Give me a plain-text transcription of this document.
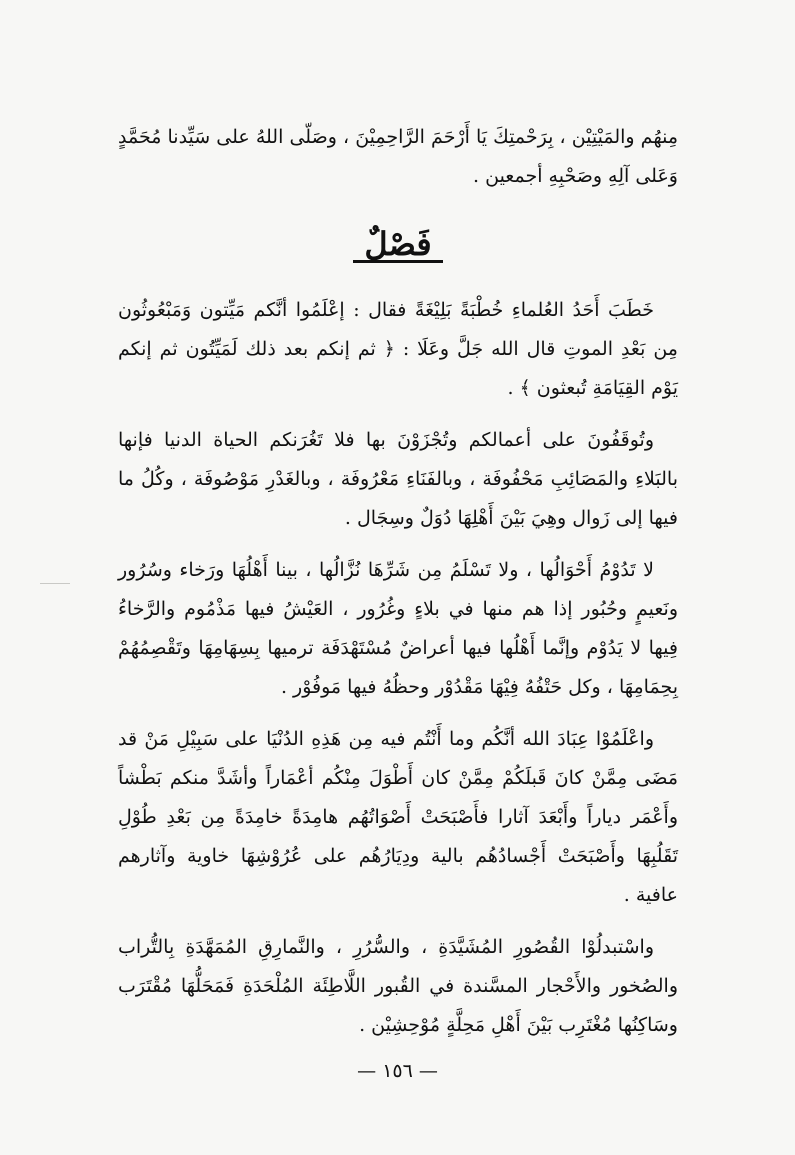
مِنهُم والمَيْتِيْن ، بِرَحْمتِكَ يَا أَرْحَمَ الرَّاحِمِيْنَ ، وصَلّى اللهُ على سَيِّدنا مُحَمَّدٍ وَعَلى آلِهِ وصَحْبِهِ أجمعين .

فَصْلٌ

خَطَبَ أَحَدُ العُلماءِ خُطْبَةً بَلِيْغَةً فقال : إعْلَمُوا أنَّكم مَيِّتون وَمَبْعُوثُون مِن بَعْدِ الموتِ قال الله جَلَّ وعَلَا : ﴿ ثم إنكم بعد ذلك لَمَيِّتُون ثم إنكم يَوْم القِيَامَةِ تُبعثون ﴾ .

وتُوقَفُونَ على أعمالكم وتُجْزَوْنَ بها فلا تَغُرَنكم الحياة الدنيا فإنها بالبَلاءِ والمَصَائِبِ مَحْفُوفَة ، وبالفَنَاءِ مَعْرُوفَة ، وبالغَدْرِ مَوْصُوفَة ، وكُلُ ما فيها إلى زَوال وهِيَ بَيْنَ أَهْلِهَا دُوَلٌ وسِجَال .

لا تَدُوْمُ أَحْوَالُها ، ولا تَسْلَمُ مِن شَرِّهَا نُزَّالُها ، بينا أَهْلُهَا ورَخاء وسُرُور ونَعيمٍ وحُبُور إذا هم منها في بلاءٍ وغُرُور ، العَيْشُ فيها مَذْمُوم والرَّخاءُ فِيها لا يَدُوْم وإنَّما أَهْلُها فيها أعراضٌ مُسْتَهْدَفَة ترميها بِسِهَامِهَا وتَقْصِمُهُمْ بِحِمَامِهَا ، وكل حَتْفُهُ فِيْهَا مَقْدُوْر وحظُهُ فيها مَوفُوْر .

واعْلَمُوْا عِبَادَ الله أنَّكُم وما أَنْتُم فيه مِن هَذِهِ الدُنْيَا على سَبِيْلِ مَنْ قد مَضَى مِمَّنْ كانَ قَبلَكُمْ مِمَّنْ كان أَطْوَلَ مِنْكُم أعْمَاراً وأشَدَّ منكم بَطْشاً وأَعْمَر دياراً وأَبْعَدَ آثارا فأَصْبَحَتْ أَصْوَاتُهُم هامِدَةً خامِدَةً مِن بَعْدِ طُوْلِ تَقَلُبِهَا وأَصْبَحَتْ أَجْسادُهُم بالية ودِيَارُهُم على عُرُوْشِهَا خاوية وآثارهم عافية .

واسْتبدلُوْا القُصُورِ المُشَيَّدَةِ ، والسُّرُرِ ، والنَّمارِقِ المُمَهَّدَةِ بِالتُّراب والصُخور والأَحْجار المسَّندة في القُبور اللَّاطِئَة المُلْحَدَةِ فَمَحَلُّهَا مُقْتَرَب وسَاكِنُها مُغْتَرِب بَيْنَ أَهْلِ مَحِلَّةٍ مُوْحِشِيْن .

— ١٥٦ —
